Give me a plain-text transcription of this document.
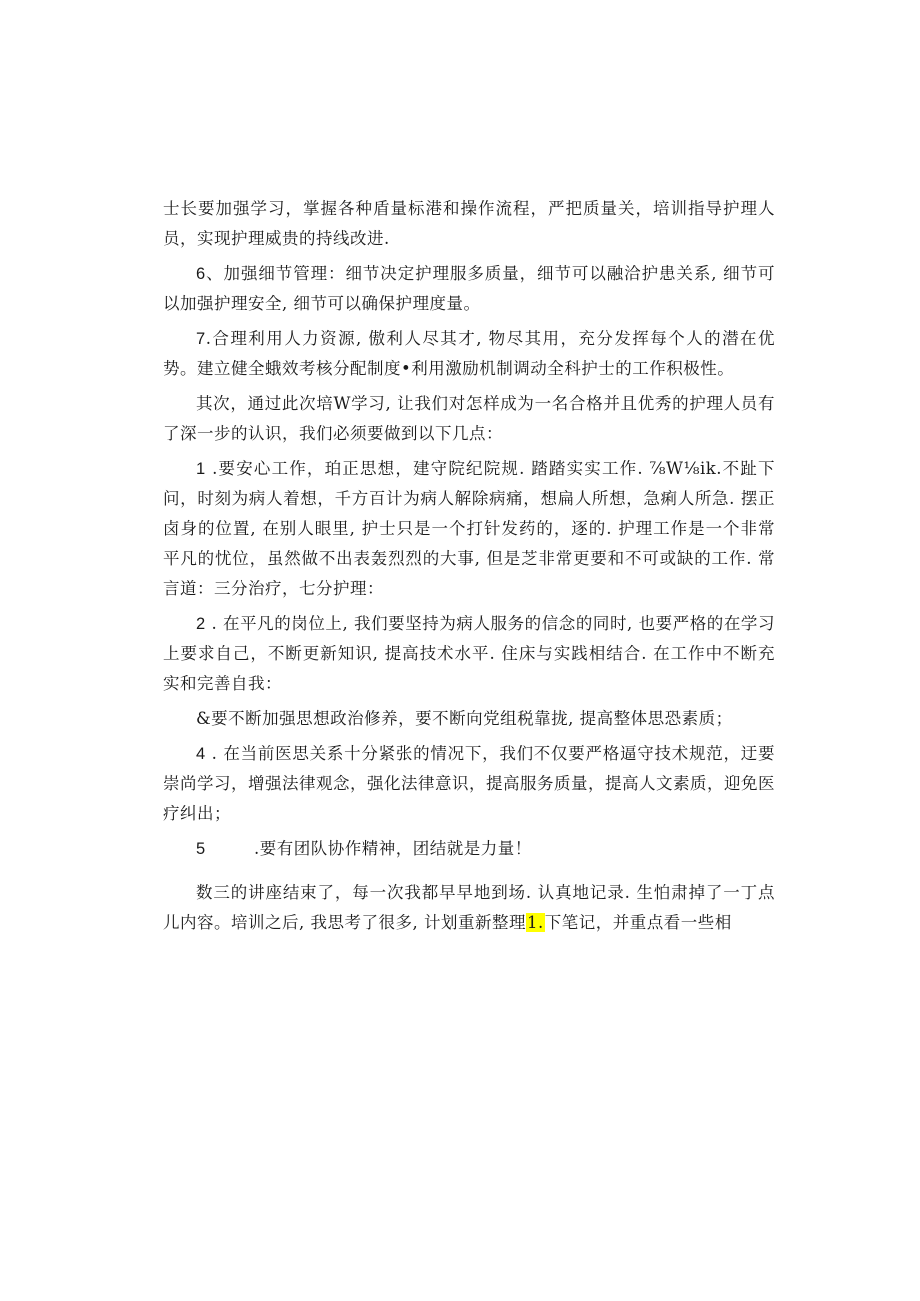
士长要加强学习，掌握各种盾量标港和操作流程，严把质量关，培训指导护理人员，实现护理威贵的持线改进.

6、加强细节管理：细节决定护理服多质量，细节可以融洽护患关系, 细节可以加强护理安全, 细节可以确保护理度量。

7.合理利用人力资源, 傲利人尽其才, 物尽其用，充分发挥每个人的潜在优势。建立健全蛾效考核分配制度•利用激励机制调动全科护士的工作积极性。

其次，通过此次培W学习, 让我们对怎样成为一名合格并且优秀的护理人员有了深一步的认识，我们必须要做到以下几点：

1 .要安心工作，珀正思想，建守院纪院规. 踏踏实实工作. ⅞W⅛ik.不趾下问，时刻为病人着想，千方百计为病人解除病痛，想扁人所想，急痢人所急. 摆正卤身的位置, 在别人眼里, 护士只是一个打针发药的，逐的. 护理工作是一个非常平凡的忧位，虽然做不出表轰烈烈的大事, 但是芝非常更要和不可或缺的工作. 常言道：三分治疗，七分护理：

2 . 在平凡的岗位上, 我们要坚持为病人服务的信念的同时, 也要严格的在学习上要求自己，不断更新知识, 提高技术水平. 住床与实践相结合. 在工作中不断充实和完善自我：

&要不断加强思想政治修养，要不断向党组税靠拢, 提高整体思恐素质；

4 . 在当前医思关系十分紧张的情况下，我们不仅要严格逼守技术规范，迂要崇尚学习，增强法律观念，强化法律意识，提高服务质量，提高人文素质，迎免医疗纠出；

5	.要有团队协作精神，团结就是力量！

数三的讲座结束了，每一次我都早早地到场. 认真地记录. 生怕肃掉了一丁点儿内容。培训之后, 我思考了很多, 计划重新整理1.下笔记，并重点看一些相
